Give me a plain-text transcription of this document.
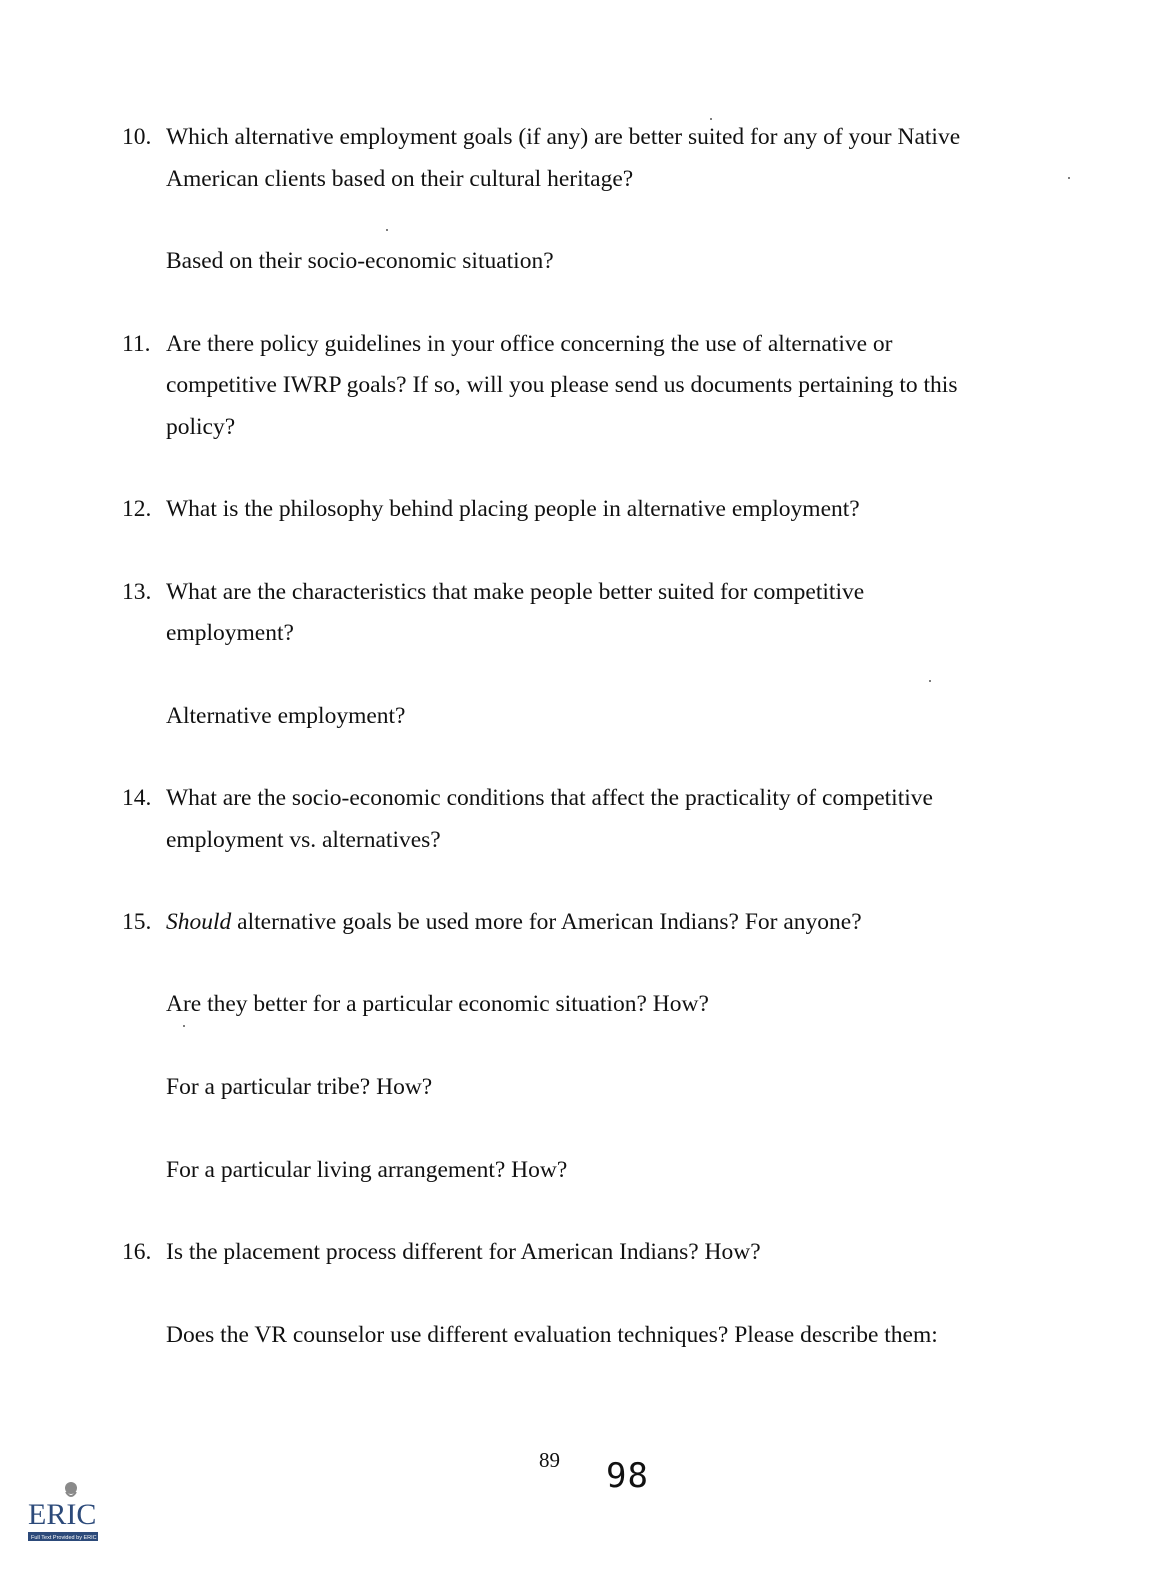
10. Which alternative employment goals (if any) are better suited for any of your Native
American clients based on their cultural heritage?
Based on their socio-economic situation?
11. Are there policy guidelines in your office concerning the use of alternative or
competitive IWRP goals? If so, will you please send us documents pertaining to this
policy?
12. What is the philosophy behind placing people in alternative employment?
13. What are the characteristics that make people better suited for competitive
employment?
Alternative employment?
14. What are the socio-economic conditions that affect the practicality of competitive
employment vs. alternatives?
15. Should alternative goals be used more for American Indians? For anyone?
Are they better for a particular economic situation? How?
For a particular tribe? How?
For a particular living arrangement? How?
16. Is the placement process different for American Indians? How?
Does the VR counselor use different evaluation techniques? Please describe them:
89 98
ERIC
Full Text Provided by ERIC
